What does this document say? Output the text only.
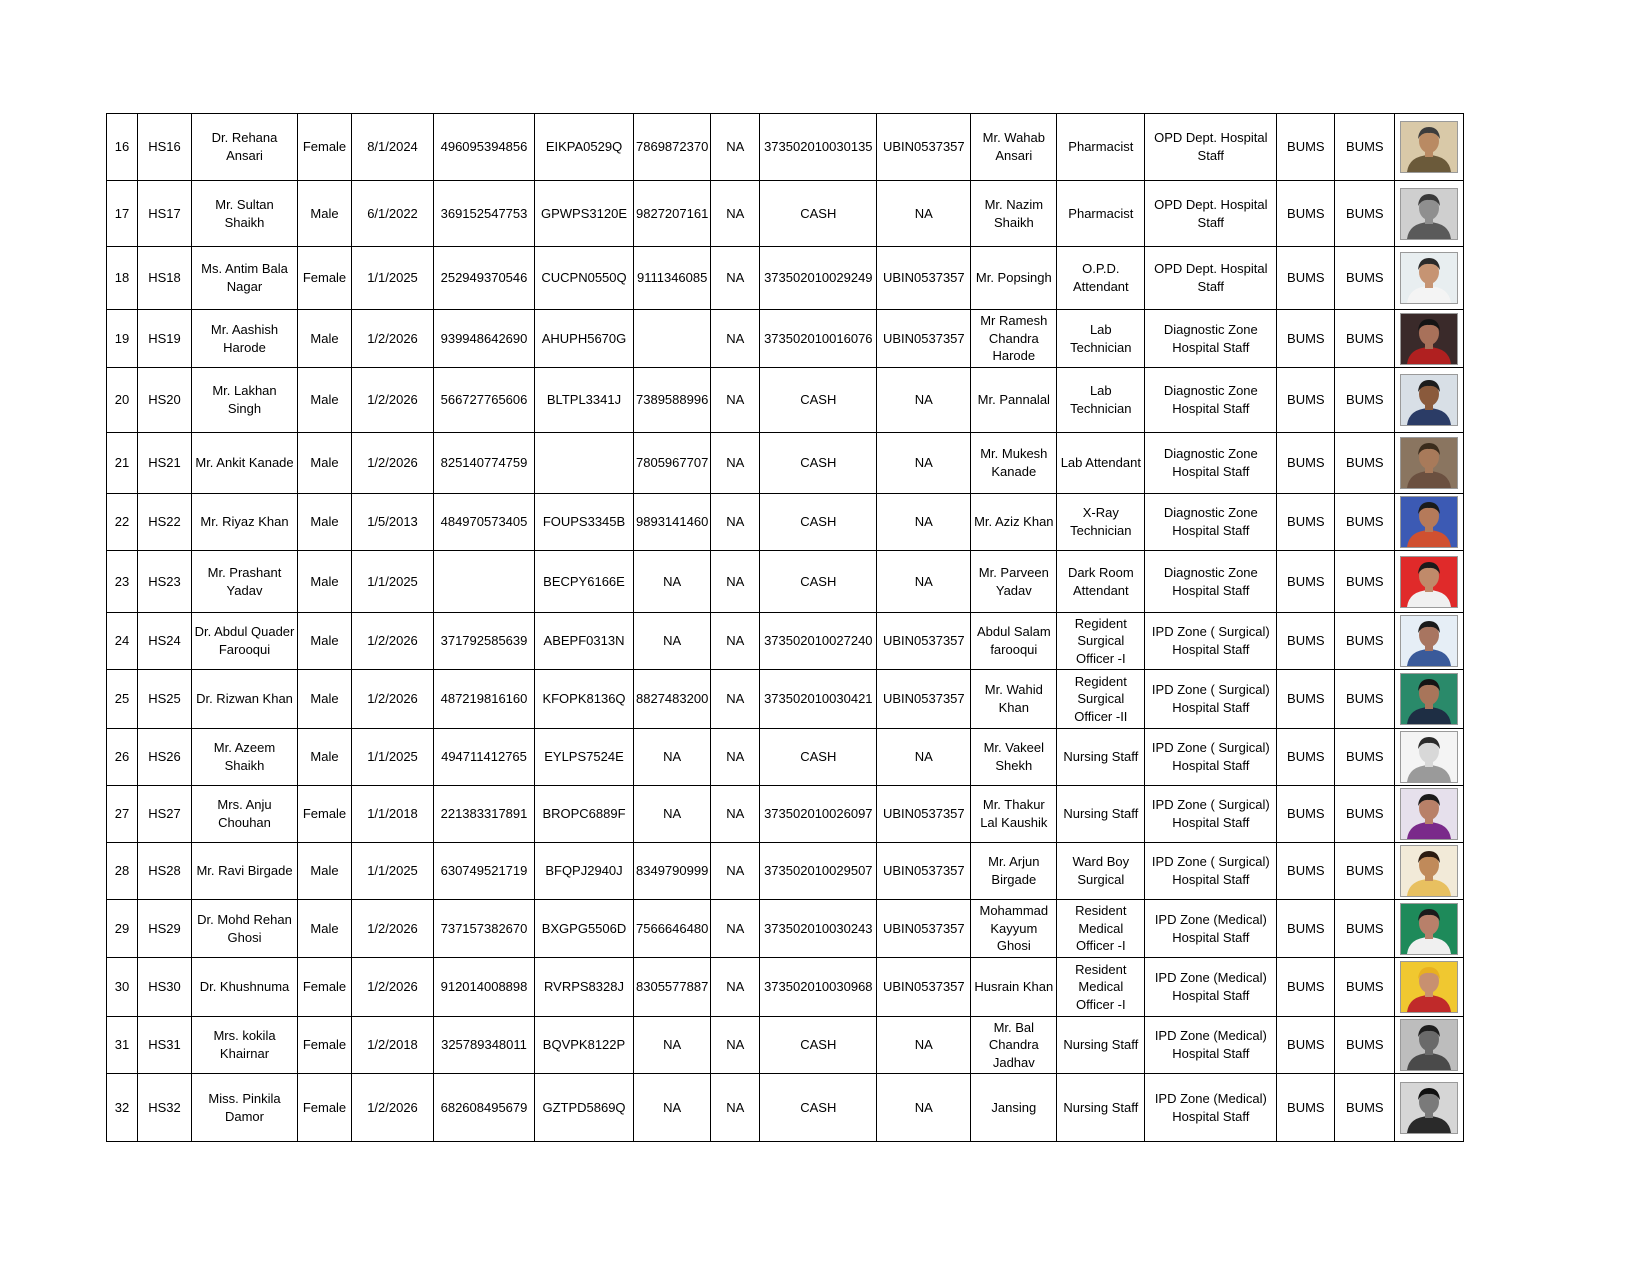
16	HS16	Dr. Rehana Ansari	Female	8/1/2024	496095394856	EIKPA0529Q	7869872370	NA	373502010030135	UBIN0537357	Mr. Wahab Ansari	Pharmacist	OPD Dept. Hospital Staff	BUMS	BUMS	

17	HS17	Mr. Sultan Shaikh	Male	6/1/2022	369152547753	GPWPS3120E	9827207161	NA	CASH	NA	Mr. Nazim Shaikh	Pharmacist	OPD Dept. Hospital Staff	BUMS	BUMS	

18	HS18	Ms. Antim Bala Nagar	Female	1/1/2025	252949370546	CUCPN0550Q	9111346085	NA	373502010029249	UBIN0537357	Mr. Popsingh	O.P.D. Attendant	OPD Dept. Hospital Staff	BUMS	BUMS	

19	HS19	Mr. Aashish Harode	Male	1/2/2026	939948642690	AHUPH5670G		NA	373502010016076	UBIN0537357	Mr Ramesh Chandra Harode	Lab Technician	Diagnostic Zone Hospital Staff	BUMS	BUMS	

20	HS20	Mr. Lakhan Singh	Male	1/2/2026	566727765606	BLTPL3341J	7389588996	NA	CASH	NA	Mr. Pannalal	Lab Technician	Diagnostic Zone Hospital Staff	BUMS	BUMS	

21	HS21	Mr. Ankit Kanade	Male	1/2/2026	825140774759		7805967707	NA	CASH	NA	Mr. Mukesh Kanade	Lab Attendant	Diagnostic Zone Hospital Staff	BUMS	BUMS	

22	HS22	Mr. Riyaz Khan	Male	1/5/2013	484970573405	FOUPS3345B	9893141460	NA	CASH	NA	Mr. Aziz Khan	X-Ray Technician	Diagnostic Zone Hospital Staff	BUMS	BUMS	

23	HS23	Mr. Prashant Yadav	Male	1/1/2025		BECPY6166E	NA	NA	CASH	NA	Mr. Parveen Yadav	Dark Room Attendant	Diagnostic Zone Hospital Staff	BUMS	BUMS	

24	HS24	Dr. Abdul Quader Farooqui	Male	1/2/2026	371792585639	ABEPF0313N	NA	NA	373502010027240	UBIN0537357	Abdul Salam farooqui	Regident Surgical Officer -I	IPD Zone ( Surgical) Hospital Staff	BUMS	BUMS	

25	HS25	Dr. Rizwan Khan	Male	1/2/2026	487219816160	KFOPK8136Q	8827483200	NA	373502010030421	UBIN0537357	Mr. Wahid Khan	Regident Surgical Officer -II	IPD Zone ( Surgical) Hospital Staff	BUMS	BUMS	

26	HS26	Mr. Azeem Shaikh	Male	1/1/2025	494711412765	EYLPS7524E	NA	NA	CASH	NA	Mr. Vakeel Shekh	Nursing Staff	IPD Zone ( Surgical) Hospital Staff	BUMS	BUMS	

27	HS27	Mrs. Anju Chouhan	Female	1/1/2018	221383317891	BROPC6889F	NA	NA	373502010026097	UBIN0537357	Mr. Thakur Lal Kaushik	Nursing Staff	IPD Zone ( Surgical) Hospital Staff	BUMS	BUMS	

28	HS28	Mr. Ravi Birgade	Male	1/1/2025	630749521719	BFQPJ2940J	8349790999	NA	373502010029507	UBIN0537357	Mr. Arjun Birgade	Ward Boy Surgical	IPD Zone ( Surgical) Hospital Staff	BUMS	BUMS	

29	HS29	Dr. Mohd Rehan Ghosi	Male	1/2/2026	737157382670	BXGPG5506D	7566646480	NA	373502010030243	UBIN0537357	Mohammad Kayyum Ghosi	Resident Medical Officer -I	IPD Zone (Medical) Hospital Staff	BUMS	BUMS	

30	HS30	Dr. Khushnuma	Female	1/2/2026	912014008898	RVRPS8328J	8305577887	NA	373502010030968	UBIN0537357	Husrain Khan	Resident Medical Officer -I	IPD Zone (Medical) Hospital Staff	BUMS	BUMS	

31	HS31	Mrs. kokila Khairnar	Female	1/2/2018	325789348011	BQVPK8122P	NA	NA	CASH	NA	Mr. Bal Chandra Jadhav	Nursing Staff	IPD Zone (Medical) Hospital Staff	BUMS	BUMS	

32	HS32	Miss. Pinkila Damor	Female	1/2/2026	682608495679	GZTPD5869Q	NA	NA	CASH	NA	Jansing	Nursing Staff	IPD Zone (Medical) Hospital Staff	BUMS	BUMS	
